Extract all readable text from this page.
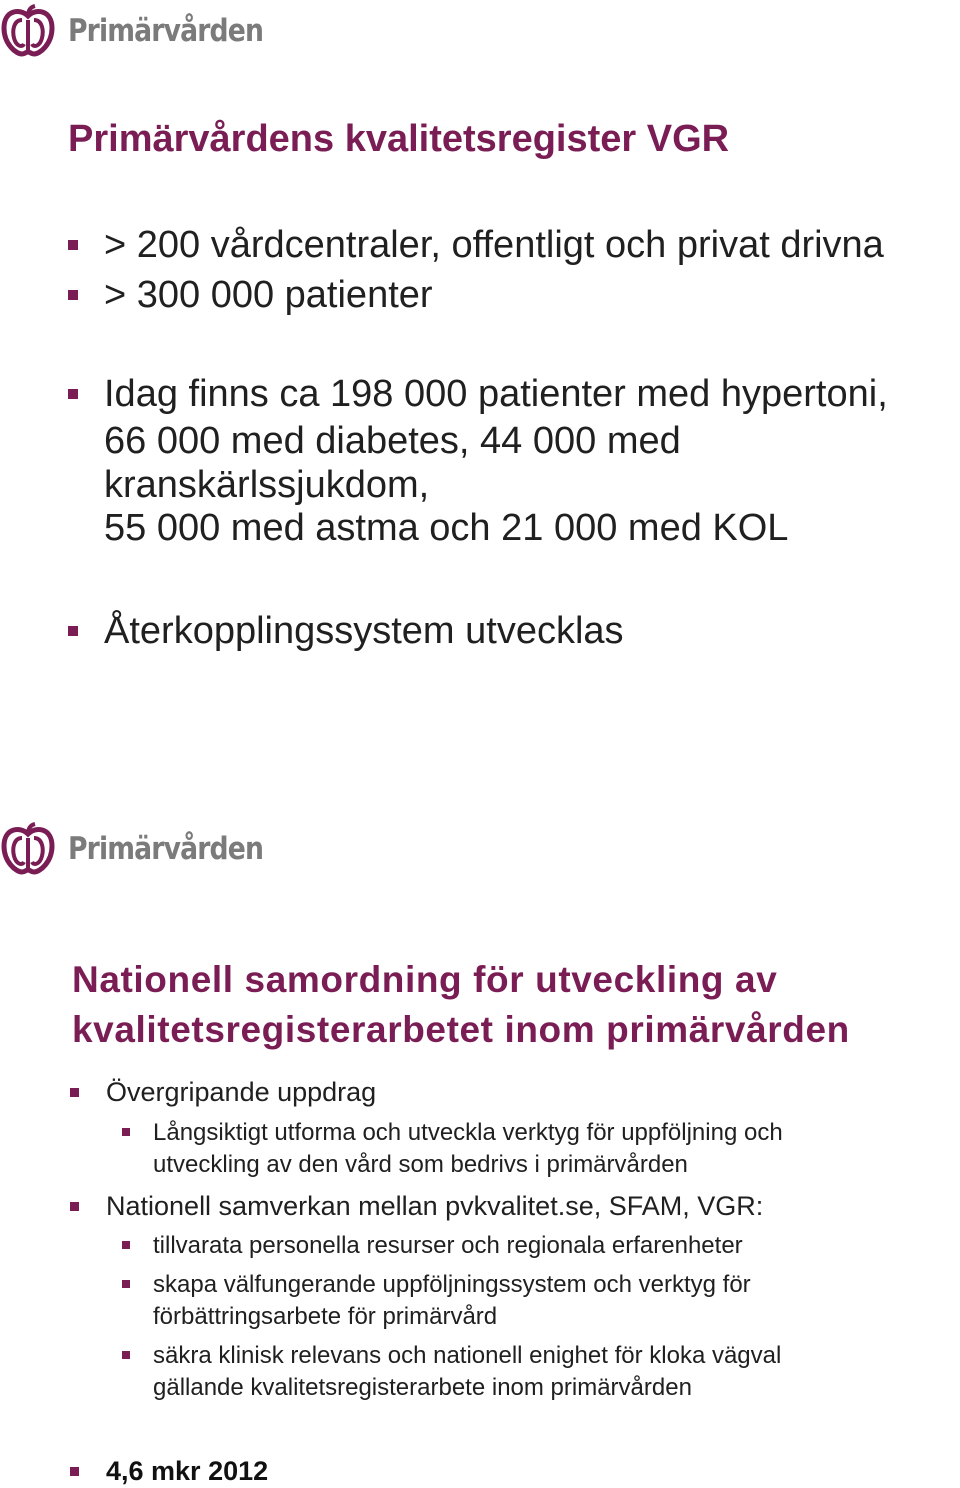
Primärvården
Primärvårdens kvalitetsregister VGR
> 200 vårdcentraler, offentligt och privat drivna
> 300 000 patienter
Idag finns ca 198 000 patienter med hypertoni,
66 000 med diabetes, 44 000 med
kranskärlssjukdom,
55 000 med astma och 21 000 med KOL
Återkopplingssystem utvecklas
Primärvården
Nationell samordning för utveckling av
kvalitetsregisterarbetet inom primärvården
Övergripande uppdrag
Långsiktigt utforma och utveckla verktyg för uppföljning och
utveckling av den vård som bedrivs i primärvården
Nationell samverkan mellan pvkvalitet.se, SFAM, VGR:
tillvarata personella resurser och regionala erfarenheter
skapa välfungerande uppföljningssystem och verktyg för
förbättringsarbete för primärvård
säkra klinisk relevans och nationell enighet för kloka vägval
gällande kvalitetsregisterarbete inom primärvården
4,6 mkr 2012
